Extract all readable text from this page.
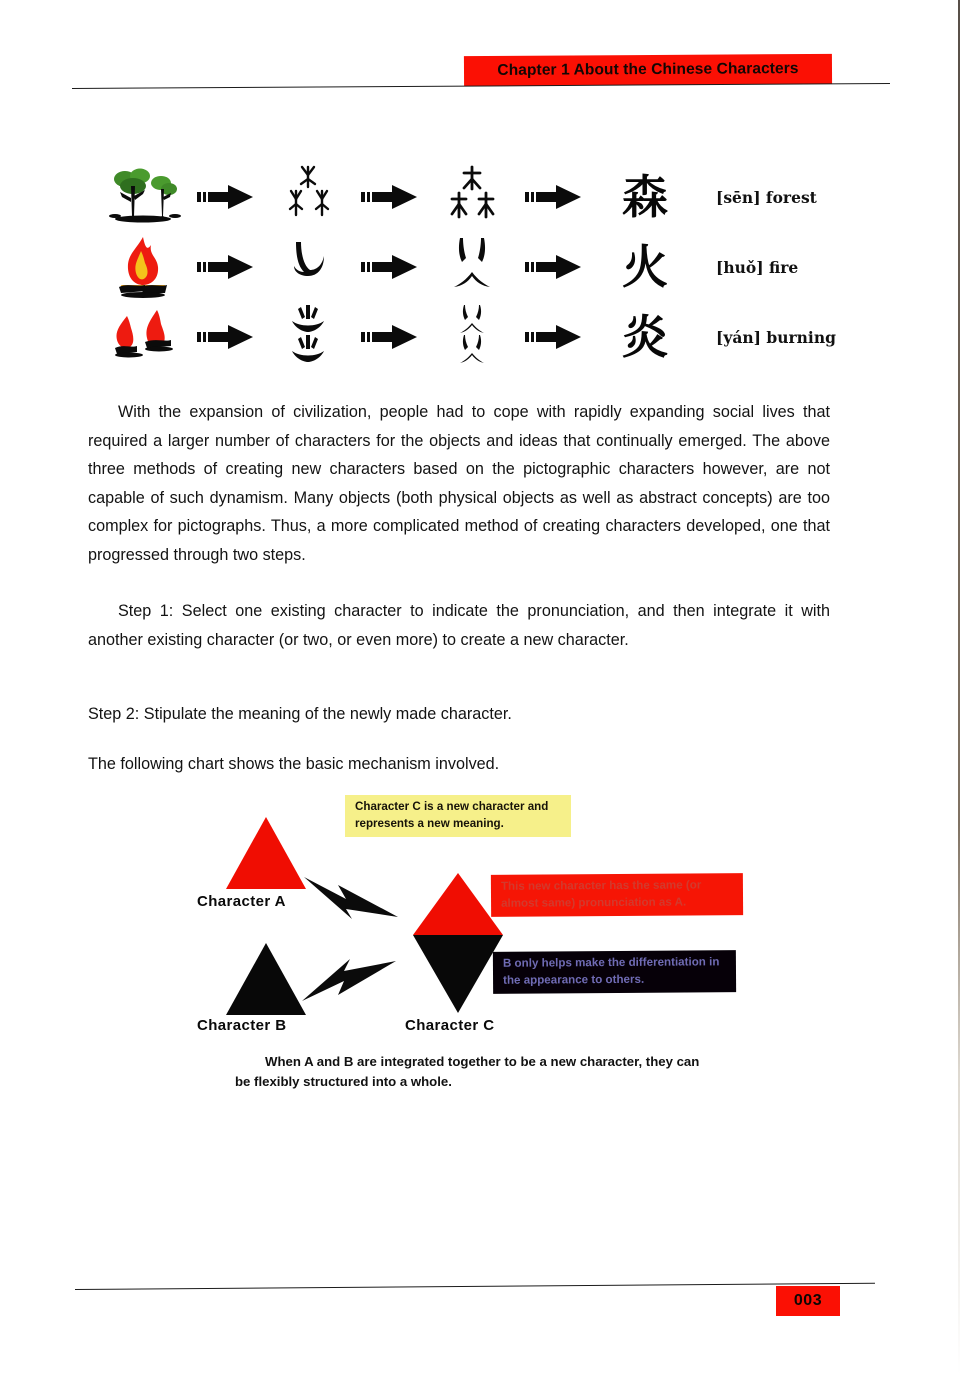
Chapter 1 About the Chinese Characters
森	[sēn] forest
火	[huǒ] fire
炎	[yán] burning

With the expansion of civilization, people had to cope with rapidly expanding social lives that required a larger number of characters for the objects and ideas that continually emerged. The above three methods of creating new characters based on the pictographic characters however, are not capable of such dynamism. Many objects (both physical objects as well as abstract concepts) are too complex for pictographs. Thus, a more complicated method of creating characters developed, one that progressed through two steps.

Step 1: Select one existing character to indicate the pronunciation, and then integrate it with another existing character (or two, or even more) to create a new character.

Step 2: Stipulate the meaning of the newly made character.

The following chart shows the basic mechanism involved.

Character C is a new character and represents a new meaning.
Character A
Character B	Character C
This new character has the same (or almost same) pronunciation as A.
B only helps make the differentiation in the appearance to others.

When A and B are integrated together to be a new character, they can be flexibly structured into a whole.

003
